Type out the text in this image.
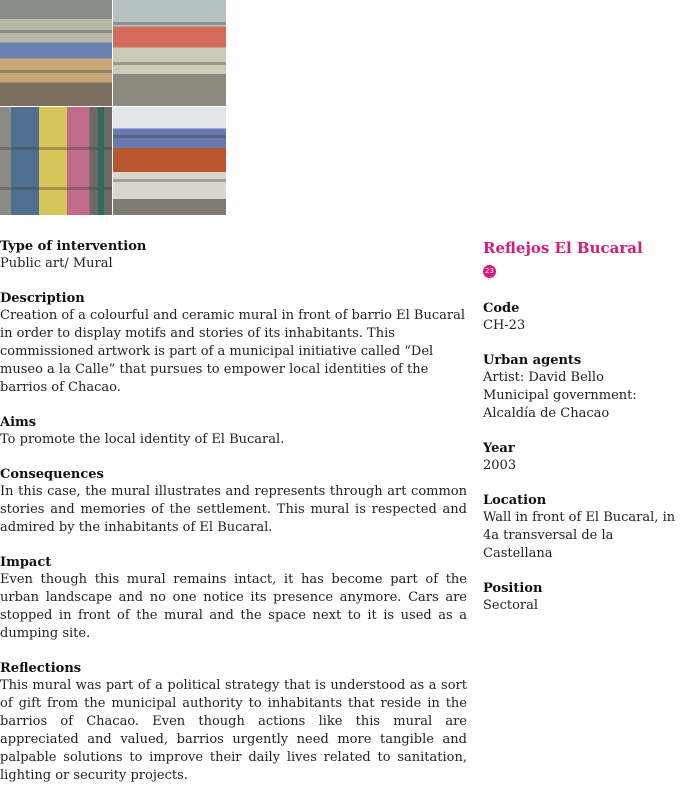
Type of intervention

Public art/ Mural

Description

Creation of a colourful and ceramic mural in front of barrio El Bucaral in order to display motifs and stories of its inhabitants. This commissioned artwork is part of a municipal initiative called “Del museo a la Calle” that pursues to empower local identities of the barrios of Chacao.

Aims

To promote the local identity of El Bucaral.

Consequences

In this case, the mural illustrates and represents through art common stories and memories of the settlement. This mural is respected and admired by the inhabitants of El Bucaral.

Impact

Even though this mural remains intact, it has become part of the urban landscape and no one notice its presence anymore. Cars are stopped in front of the mural and the space next to it is used as a dumping site.

Reflections

This mural was part of a political strategy that is understood as a sort of gift from the municipal authority to inhabitants that reside in the barrios of Chacao. Even though actions like this mural are appreciated and valued, barrios urgently need more tangible and palpable solutions to improve their daily lives related to sanitation, lighting or security projects.

Reflejos El Bucaral

23

Code

CH-23

Urban agents

Artist: David Bello

Municipal government: Alcaldía de Chacao

Year

2003

Location

Wall in front of El Bucaral, in 4a transversal de la Castellana

Position

Sectoral
